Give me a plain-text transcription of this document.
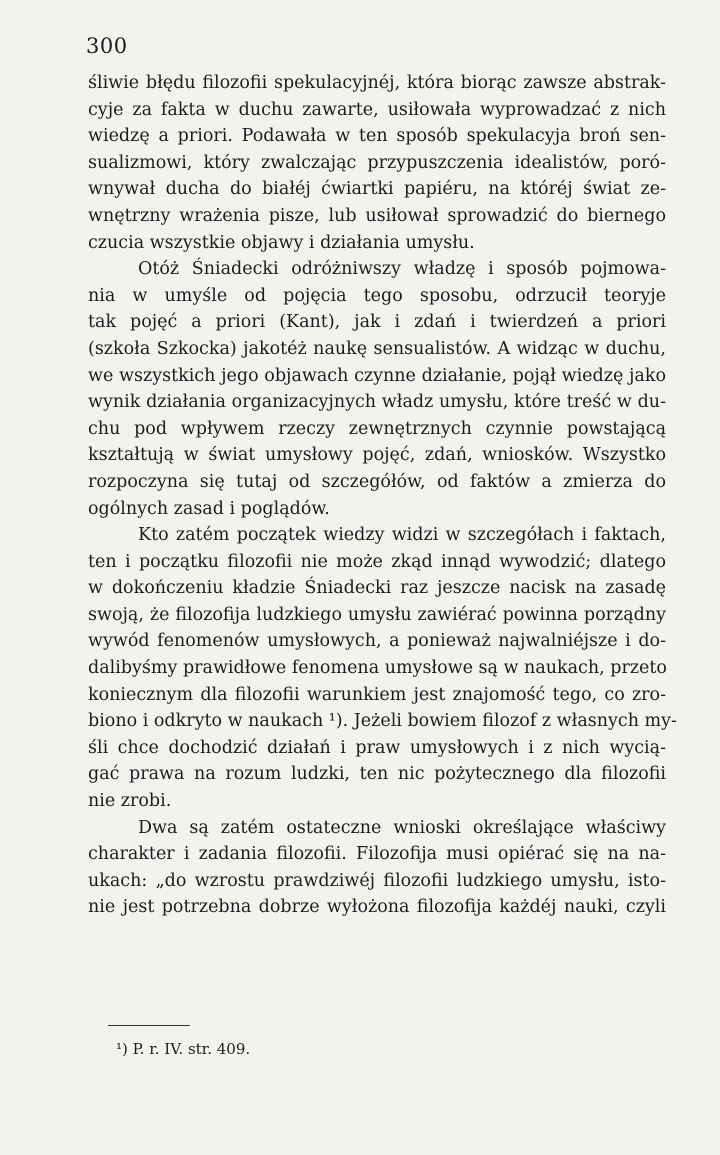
300
śliwie błędu filozofii spekulacyjnéj, która biorąc zawsze abstrak-
cyje za fakta w duchu zawarte, usiłowała wyprowadzać z nich
wiedzę a priori. Podawała w ten sposób spekulacyja broń sen-
sualizmowi, który zwalczając przypuszczenia idealistów, poró-
wnywał ducha do białéj ćwiartki papiéru, na któréj świat ze-
wnętrzny wrażenia pisze, lub usiłował sprowadzić do biernego
czucia wszystkie objawy i działania umysłu.
Otóż Śniadecki odróżniwszy władzę i sposób pojmowa-
nia w umyśle od pojęcia tego sposobu, odrzucił teoryje
tak pojęć a priori (Kant), jak i zdań i twierdzeń a priori
(szkoła Szkocka) jakotéż naukę sensualistów. A widząc w duchu,
we wszystkich jego objawach czynne działanie, pojął wiedzę jako
wynik działania organizacyjnych władz umysłu, które treść w du-
chu pod wpływem rzeczy zewnętrznych czynnie powstającą
kształtują w świat umysłowy pojęć, zdań, wniosków. Wszystko
rozpoczyna się tutaj od szczegółów, od faktów a zmierza do
ogólnych zasad i poglądów.
Kto zatém początek wiedzy widzi w szczegółach i faktach,
ten i początku filozofii nie może zkąd innąd wywodzić; dlatego
w dokończeniu kładzie Śniadecki raz jeszcze nacisk na zasadę
swoją, że filozofija ludzkiego umysłu zawiérać powinna porządny
wywód fenomenów umysłowych, a ponieważ najwalniéjsze i do-
dalibyśmy prawidłowe fenomena umysłowe są w naukach, przeto
koniecznym dla filozofii warunkiem jest znajomość tego, co zro-
biono i odkryto w naukach ¹). Jeżeli bowiem filozof z własnych my-
śli chce dochodzić działań i praw umysłowych i z nich wycią-
gać prawa na rozum ludzki, ten nic pożytecznego dla filozofii
nie zrobi.
Dwa są zatém ostateczne wnioski określające właściwy
charakter i zadania filozofii. Filozofija musi opiérać się na na-
ukach: „do wzrostu prawdziwéj filozofii ludzkiego umysłu, isto-
nie jest potrzebna dobrze wyłożona filozofija każdéj nauki, czyli
¹) P. r. IV. str. 409.
